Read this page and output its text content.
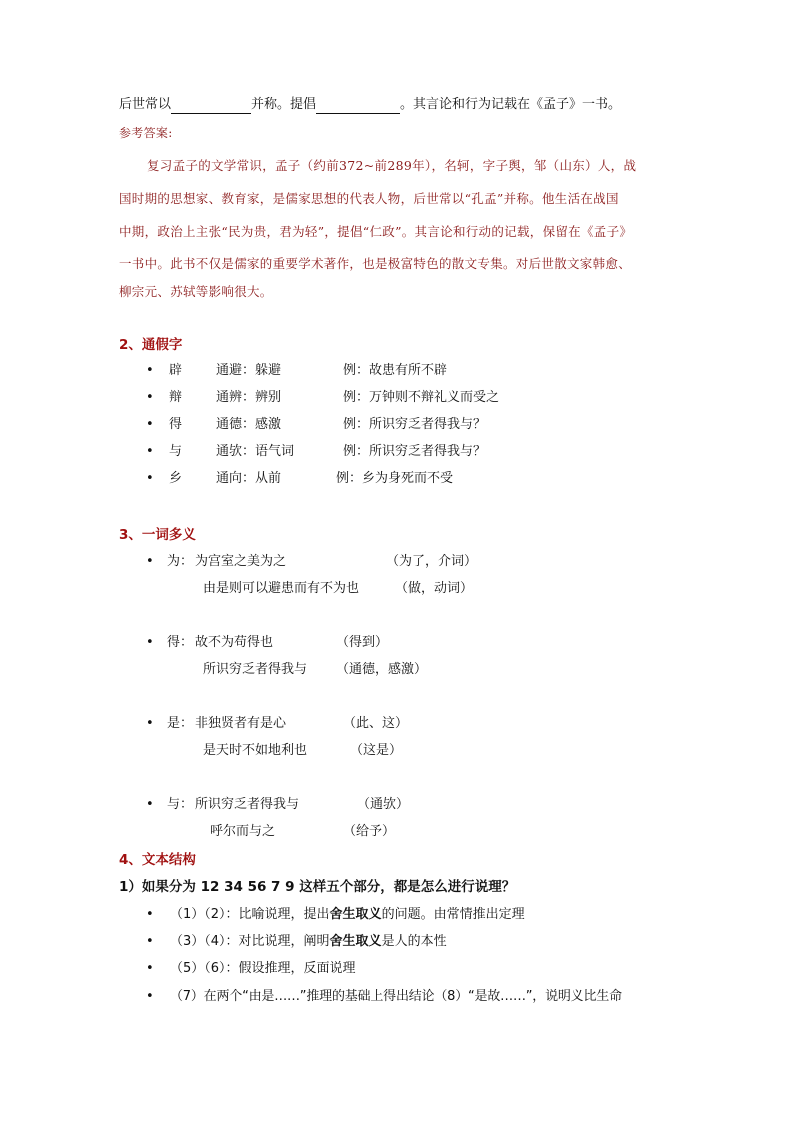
后世常以	并称。提倡	。其言论和行为记载在《孟子》一书。
参考答案:
复习孟子的文学常识，孟子（约前372~前289年），名轲，字子舆，邹（山东）人，战
国时期的思想家、教育家，是儒家思想的代表人物，后世常以“孔孟”并称。他生活在战国
中期，政治上主张“民为贵，君为轻”，提倡“仁政”。其言论和行动的记载，保留在《孟子》
一书中。此书不仅是儒家的重要学术著作，也是极富特色的散文专集。对后世散文家韩愈、
柳宗元、苏轼等影响很大。
2、通假字
• 辟	通避：躲避	例：故患有所不辟
• 辩	通辨：辨别	例：万钟则不辩礼义而受之
• 得	通德：感激	例：所识穷乏者得我与？
• 与	通欤：语气词	例：所识穷乏者得我与？
• 乡	通向：从前	例：乡为身死而不受
3、一词多义
• 为： 为宫室之美为之	（为了，介词）
由是则可以避患而有不为也	（做，动词）
• 得： 故不为苟得也	（得到）
所识穷乏者得我与 （通德，感激）
• 是： 非独贤者有是心	（此、这）
是天时不如地利也	（这是）
• 与： 所识穷乏者得我与	（通欤）
呼尔而与之	（给予）
4、文本结构
1）如果分为 12 34 56 7 9 这样五个部分，都是怎么进行说理？
• （1）（2）：比喻说理，提出舍生取义的问题。由常情推出定理
• （3）（4）：对比说理，阐明舍生取义是人的本性
• （5）（6）：假设推理，反面说理
• （7）在两个“由是……”推理的基础上得出结论（8）“是故……”，说明义比生命
